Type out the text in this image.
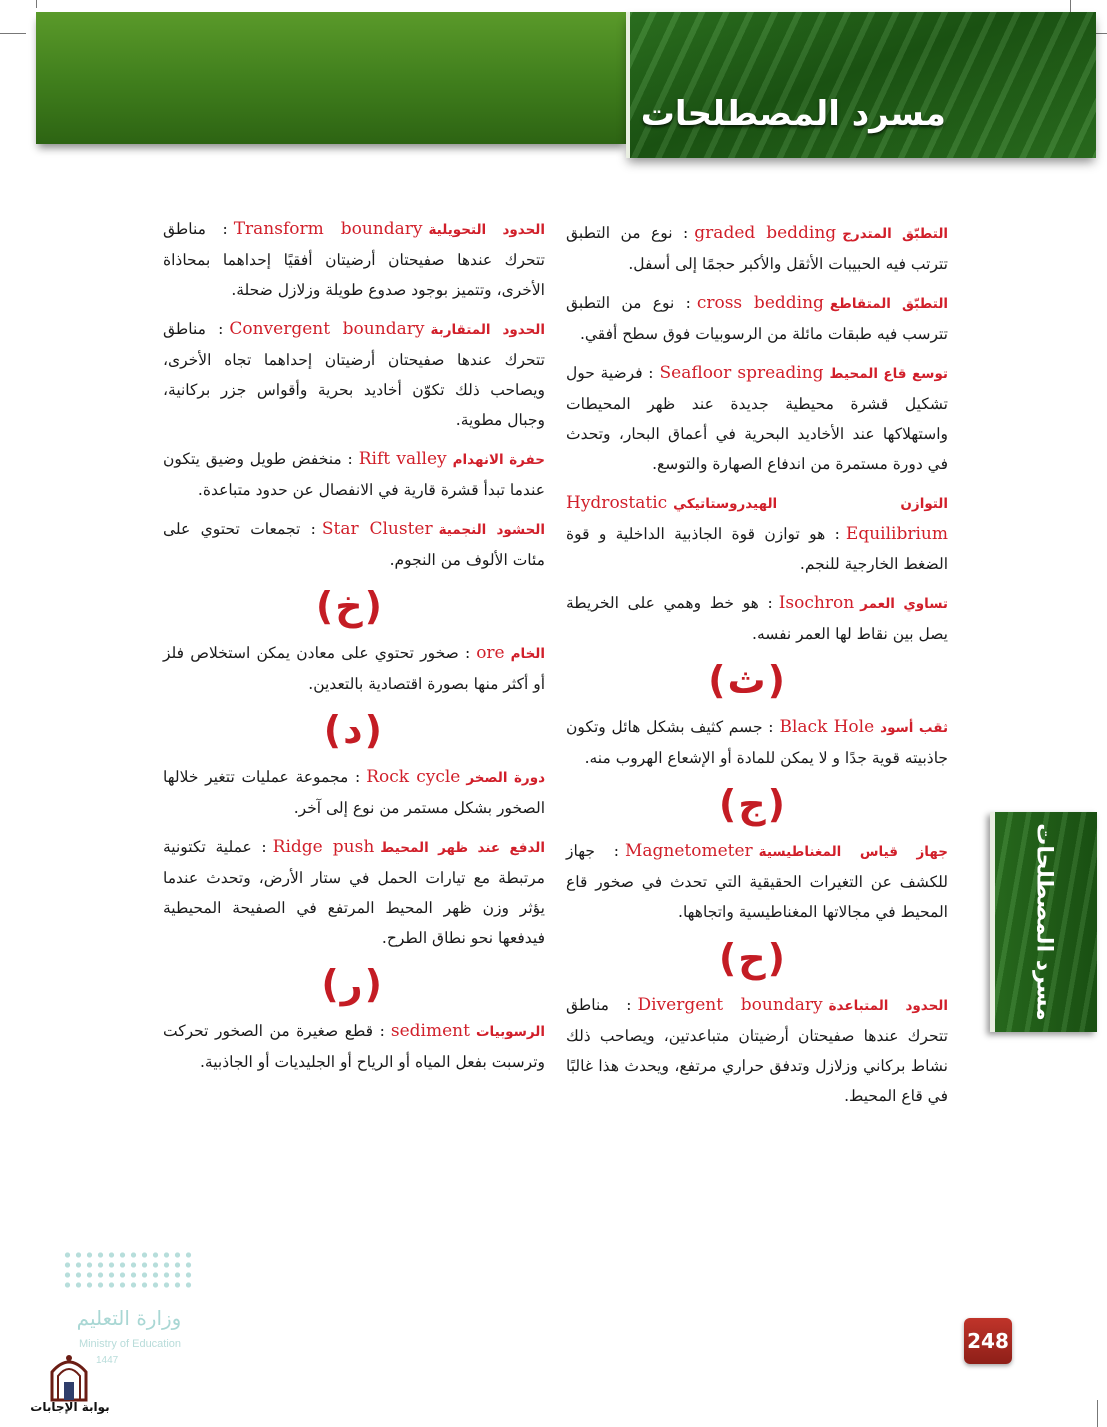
مسرد المصطلحات
مسرد المصطلحات

التطبّق المتدرجgraded bedding: نوع من التطبق تترتب فيه الحبيبات الأثقل والأكبر حجمًا إلى أسفل.

التطبّق المتقاطعcross bedding: نوع من التطبق تترسب فيه طبقات مائلة من الرسوبيات فوق سطح أفقي.

توسع قاع المحيطSeafloor spreading: فرضية حول تشكيل قشرة محيطية جديدة عند ظهر المحيطات واستهلاكها عند الأخاديد البحرية في أعماق البحار، وتحدث في دورة مستمرة من اندفاع الصهارة والتوسع.

التوازن الهيدروستاتيكيHydrostatic Equilibrium: هو توازن قوة الجاذبية الداخلية و قوة الضغط الخارجية للنجم.

تساوي العمرIsochron: هو خط وهمي على الخريطة يصل بين نقاط لها العمر نفسه.

( ث )

ثقب أسودBlack Hole: جسم كثيف بشكل هائل وتكون جاذبيته قوية جدًا و لا يمكن للمادة أو الإشعاع الهروب منه.

( ج )

جهاز قياس المغناطيسيةMagnetometer: جهاز للكشف عن التغيرات الحقيقية التي تحدث في صخور قاع المحيط في مجالاتها المغناطيسية واتجاهها.

( ح )

الحدود المتباعدةDivergent boundary: مناطق تتحرك عندها صفيحتان أرضيتان متباعدتين، ويصاحب ذلك نشاط بركاني وزلازل وتدفق حراري مرتفع، ويحدث هذا غالبًا في قاع المحيط.

الحدود التحويليةTransform boundary: مناطق تتحرك عندها صفيحتان أرضيتان أفقيًا إحداهما بمحاذاة الأخرى، وتتميز بوجود صدوع طويلة وزلازل ضحلة.

الحدود المتقاربةConvergent boundary: مناطق تتحرك عندها صفيحتان أرضيتان إحداهما تجاه الأخرى، ويصاحب ذلك تكوّن أخاديد بحرية وأقواس جزر بركانية، وجبال مطوية.

حفرة الانهدامRift valley: منخفض طويل وضيق يتكون عندما تبدأ قشرة قارية في الانفصال عن حدود متباعدة.

الحشود النجميةStar Cluster: تجمعات تحتوي على مئات الألوف من النجوم.

( خ )

الخامore: صخور تحتوي على معادن يمكن استخلاص فلز أو أكثر منها بصورة اقتصادية بالتعدين.

( د )

دورة الصخرRock cycle: مجموعة عمليات تتغير خلالها الصخور بشكل مستمر من نوع إلى آخر.

الدفع عند ظهر المحيطRidge push: عملية تكتونية مرتبطة مع تيارات الحمل في ستار الأرض، وتحدث عندما يؤثر وزن ظهر المحيط المرتفع في الصفيحة المحيطية فيدفعها نحو نطاق الطرح.

( ر )

الرسوبياتsediment: قطع صغيرة من الصخور تحركت وترسبت بفعل المياه أو الرياح أو الجليديات أو الجاذبية.

248
وزارة التعليم
Ministry of Education
1447
بوابة الإجابات
